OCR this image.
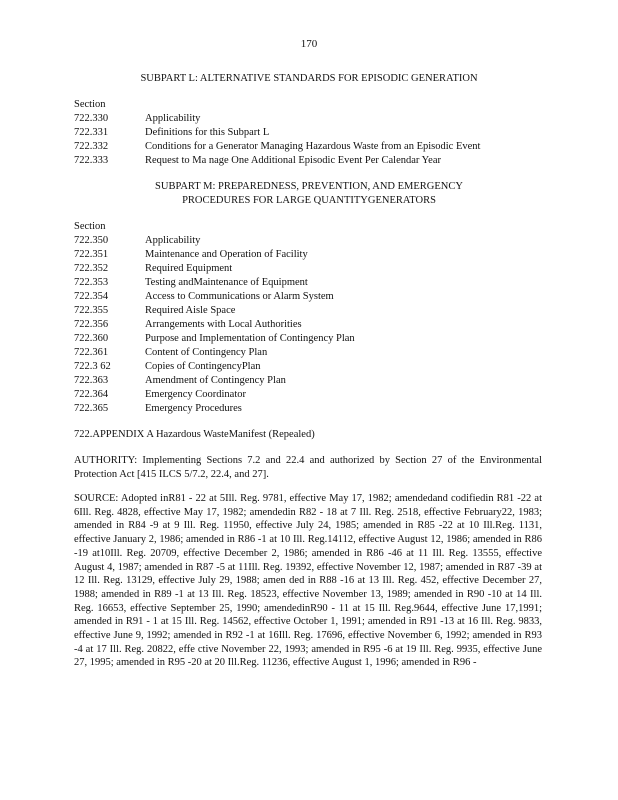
170
SUBPART L: ALTERNATIVE STANDARDS FOR EPISODIC GENERATION
Section
722.330	Applicability
722.331	Definitions for this Subpart L
722.332	Conditions for a Generator Managing Hazardous Waste from an Episodic Event
722.333	Request to Ma nage One Additional Episodic Event Per Calendar Year
SUBPART M: PREPAREDNESS, PREVENTION, AND EMERGENCY
PROCEDURES FOR LARGE QUANTITYGENERATORS
Section
722.350	Applicability
722.351	Maintenance and Operation of Facility
722.352	Required Equipment
722.353	Testing andMaintenance of Equipment
722.354	Access to Communications or Alarm System
722.355	Required Aisle Space
722.356	Arrangements with Local Authorities
722.360	Purpose and Implementation of Contingency Plan
722.361	Content of Contingency Plan
722.3 62	Copies of ContingencyPlan
722.363	Amendment of Contingency Plan
722.364	Emergency Coordinator
722.365	Emergency Procedures
722.APPENDIX A Hazardous WasteManifest (Repealed)
AUTHORITY: Implementing Sections 7.2 and 22.4 and authorized by Section 27 of the Environmental Protection Act [415 ILCS 5/7.2, 22.4, and 27].
SOURCE: Adopted inR81 - 22 at 5Ill. Reg. 9781, effective May 17, 1982; amendedand codifiedin R81 -22 at 6Ill. Reg. 4828, effective May 17, 1982; amendedin R82 - 18 at 7 Ill. Reg. 2518, effective February22, 1983; amended in R84 -9 at 9 Ill. Reg. 11950, effective July 24, 1985; amended in R85 -22 at 10 Ill.Reg. 1131, effective January 2, 1986; amended in R86 -1 at 10 Ill. Reg.14112, effective August 12, 1986; amended in R86 -19 at10Ill. Reg. 20709, effective December 2, 1986; amended in R86 -46 at 11 Ill. Reg. 13555, effective August 4, 1987; amended in R87 -5 at 11Ill. Reg. 19392, effective November 12, 1987; amended in R87 -39 at 12 Ill. Reg. 13129, effective July 29, 1988; amen ded in R88 -16 at 13 Ill. Reg. 452, effective December 27, 1988; amended in R89 -1 at 13 Ill. Reg. 18523, effective November 13, 1989; amended in R90 -10 at 14 Ill. Reg. 16653, effective September 25, 1990; amendedinR90 - 11 at 15 Ill. Reg.9644, effective June 17,1991; amended in R91 - 1 at 15 Ill. Reg. 14562, effective October 1, 1991; amended in R91 -13 at 16 Ill. Reg. 9833, effective June 9, 1992; amended in R92 -1 at 16Ill. Reg. 17696, effective November 6, 1992; amended in R93 -4 at 17 Ill. Reg. 20822, effe ctive November 22, 1993; amended in R95 -6 at 19 Ill. Reg. 9935, effective June 27, 1995; amended in R95 -20 at 20 Ill.Reg. 11236, effective August 1, 1996; amended in R96 -
